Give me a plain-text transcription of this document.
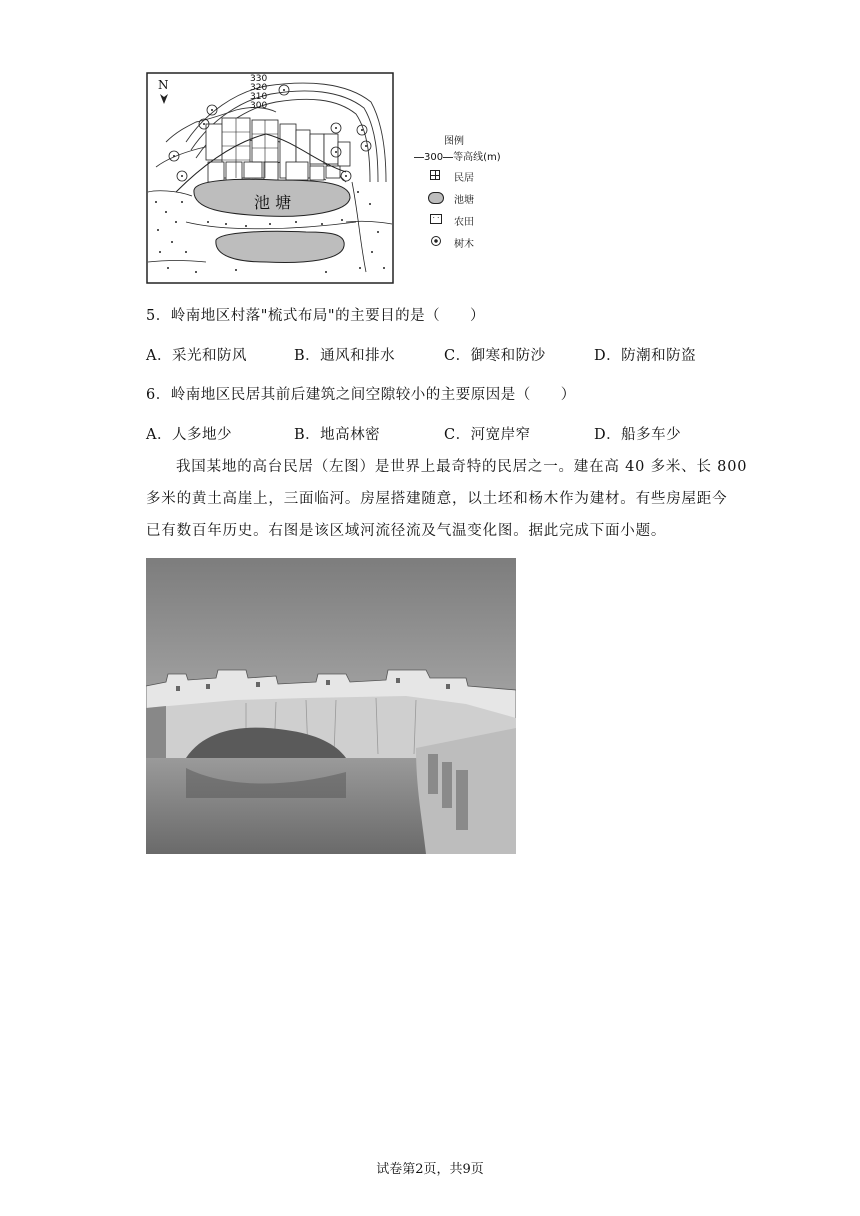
池 塘
N	330
320
310
300
图例
300 等高线(m)
民居
池塘
· · 农田
树木
5．岭南地区村落"梳式布局"的主要目的是（　　）
A．采光和防风	B．通风和排水	C．御寒和防沙	D．防潮和防盗
6．岭南地区民居其前后建筑之间空隙较小的主要原因是（　　）
A．人多地少	B．地高林密	C．河宽岸窄	D．船多车少
我国某地的高台民居（左图）是世界上最奇特的民居之一。建在高 40 多米、长 800
多米的黄土高崖上，三面临河。房屋搭建随意，以土坯和杨木作为建材。有些房屋距今
已有数百年历史。右图是该区域河流径流及气温变化图。据此完成下面小题。
试卷第2页，共9页
